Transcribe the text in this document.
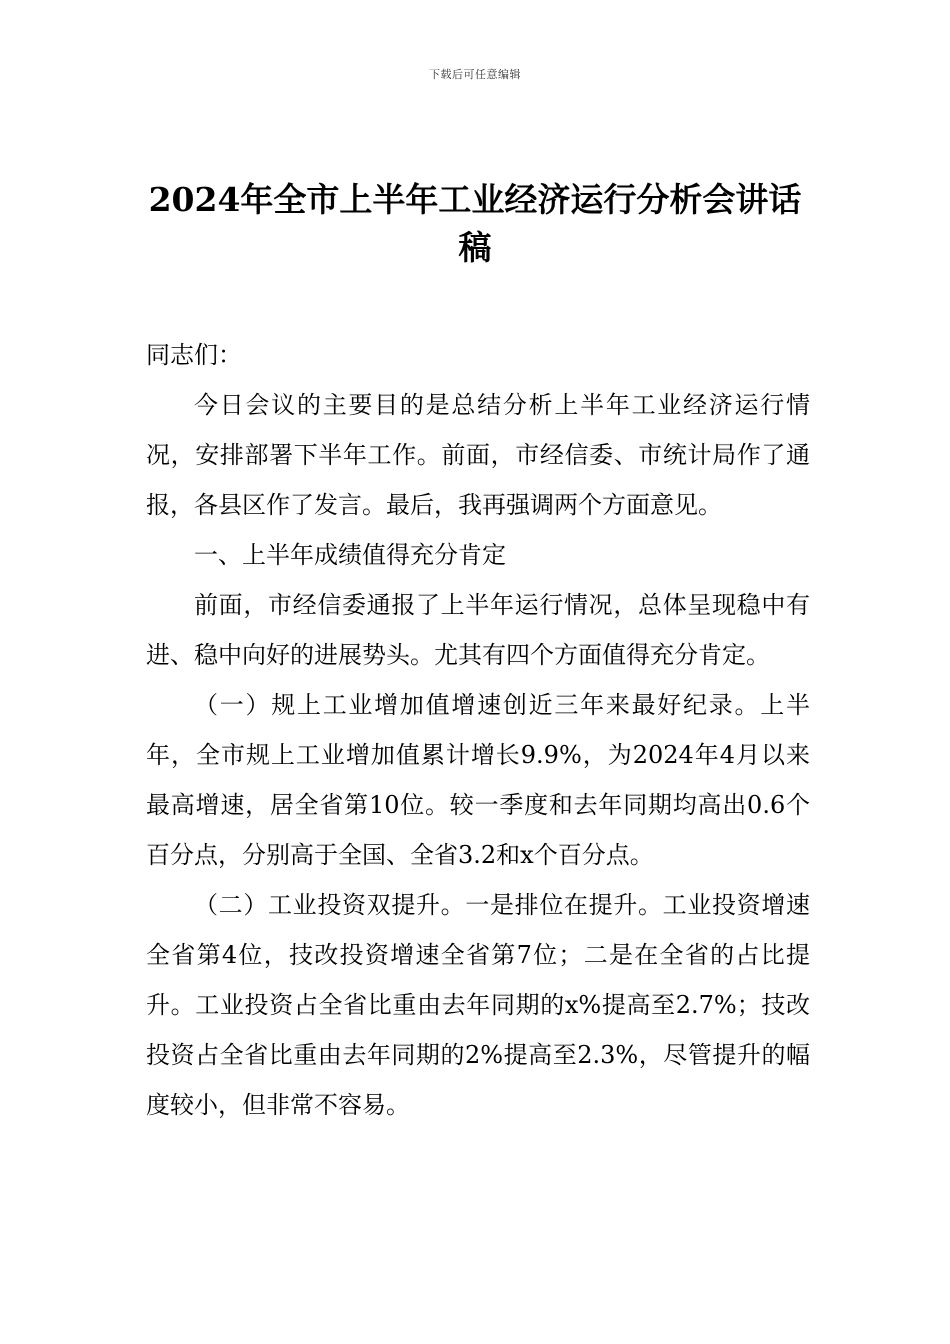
下载后可任意编辑
2024年全市上半年工业经济运行分析会讲话稿

同志们：

今日会议的主要目的是总结分析上半年工业经济运行情况，安排部署下半年工作。前面，市经信委、市统计局作了通报，各县区作了发言。最后，我再强调两个方面意见。

一、上半年成绩值得充分肯定

前面，市经信委通报了上半年运行情况，总体呈现稳中有进、稳中向好的进展势头。尤其有四个方面值得充分肯定。

（一）规上工业增加值增速创近三年来最好纪录。上半年，全市规上工业增加值累计增长9.9%，为2024年4月以来最高增速，居全省第10位。较一季度和去年同期均高出0.6个百分点，分别高于全国、全省3.2和x个百分点。

（二）工业投资双提升。一是排位在提升。工业投资增速全省第4位，技改投资增速全省第7位；二是在全省的占比提升。工业投资占全省比重由去年同期的x%提高至2.7%；技改投资占全省比重由去年同期的2%提高至2.3%，尽管提升的幅度较小，但非常不容易。
